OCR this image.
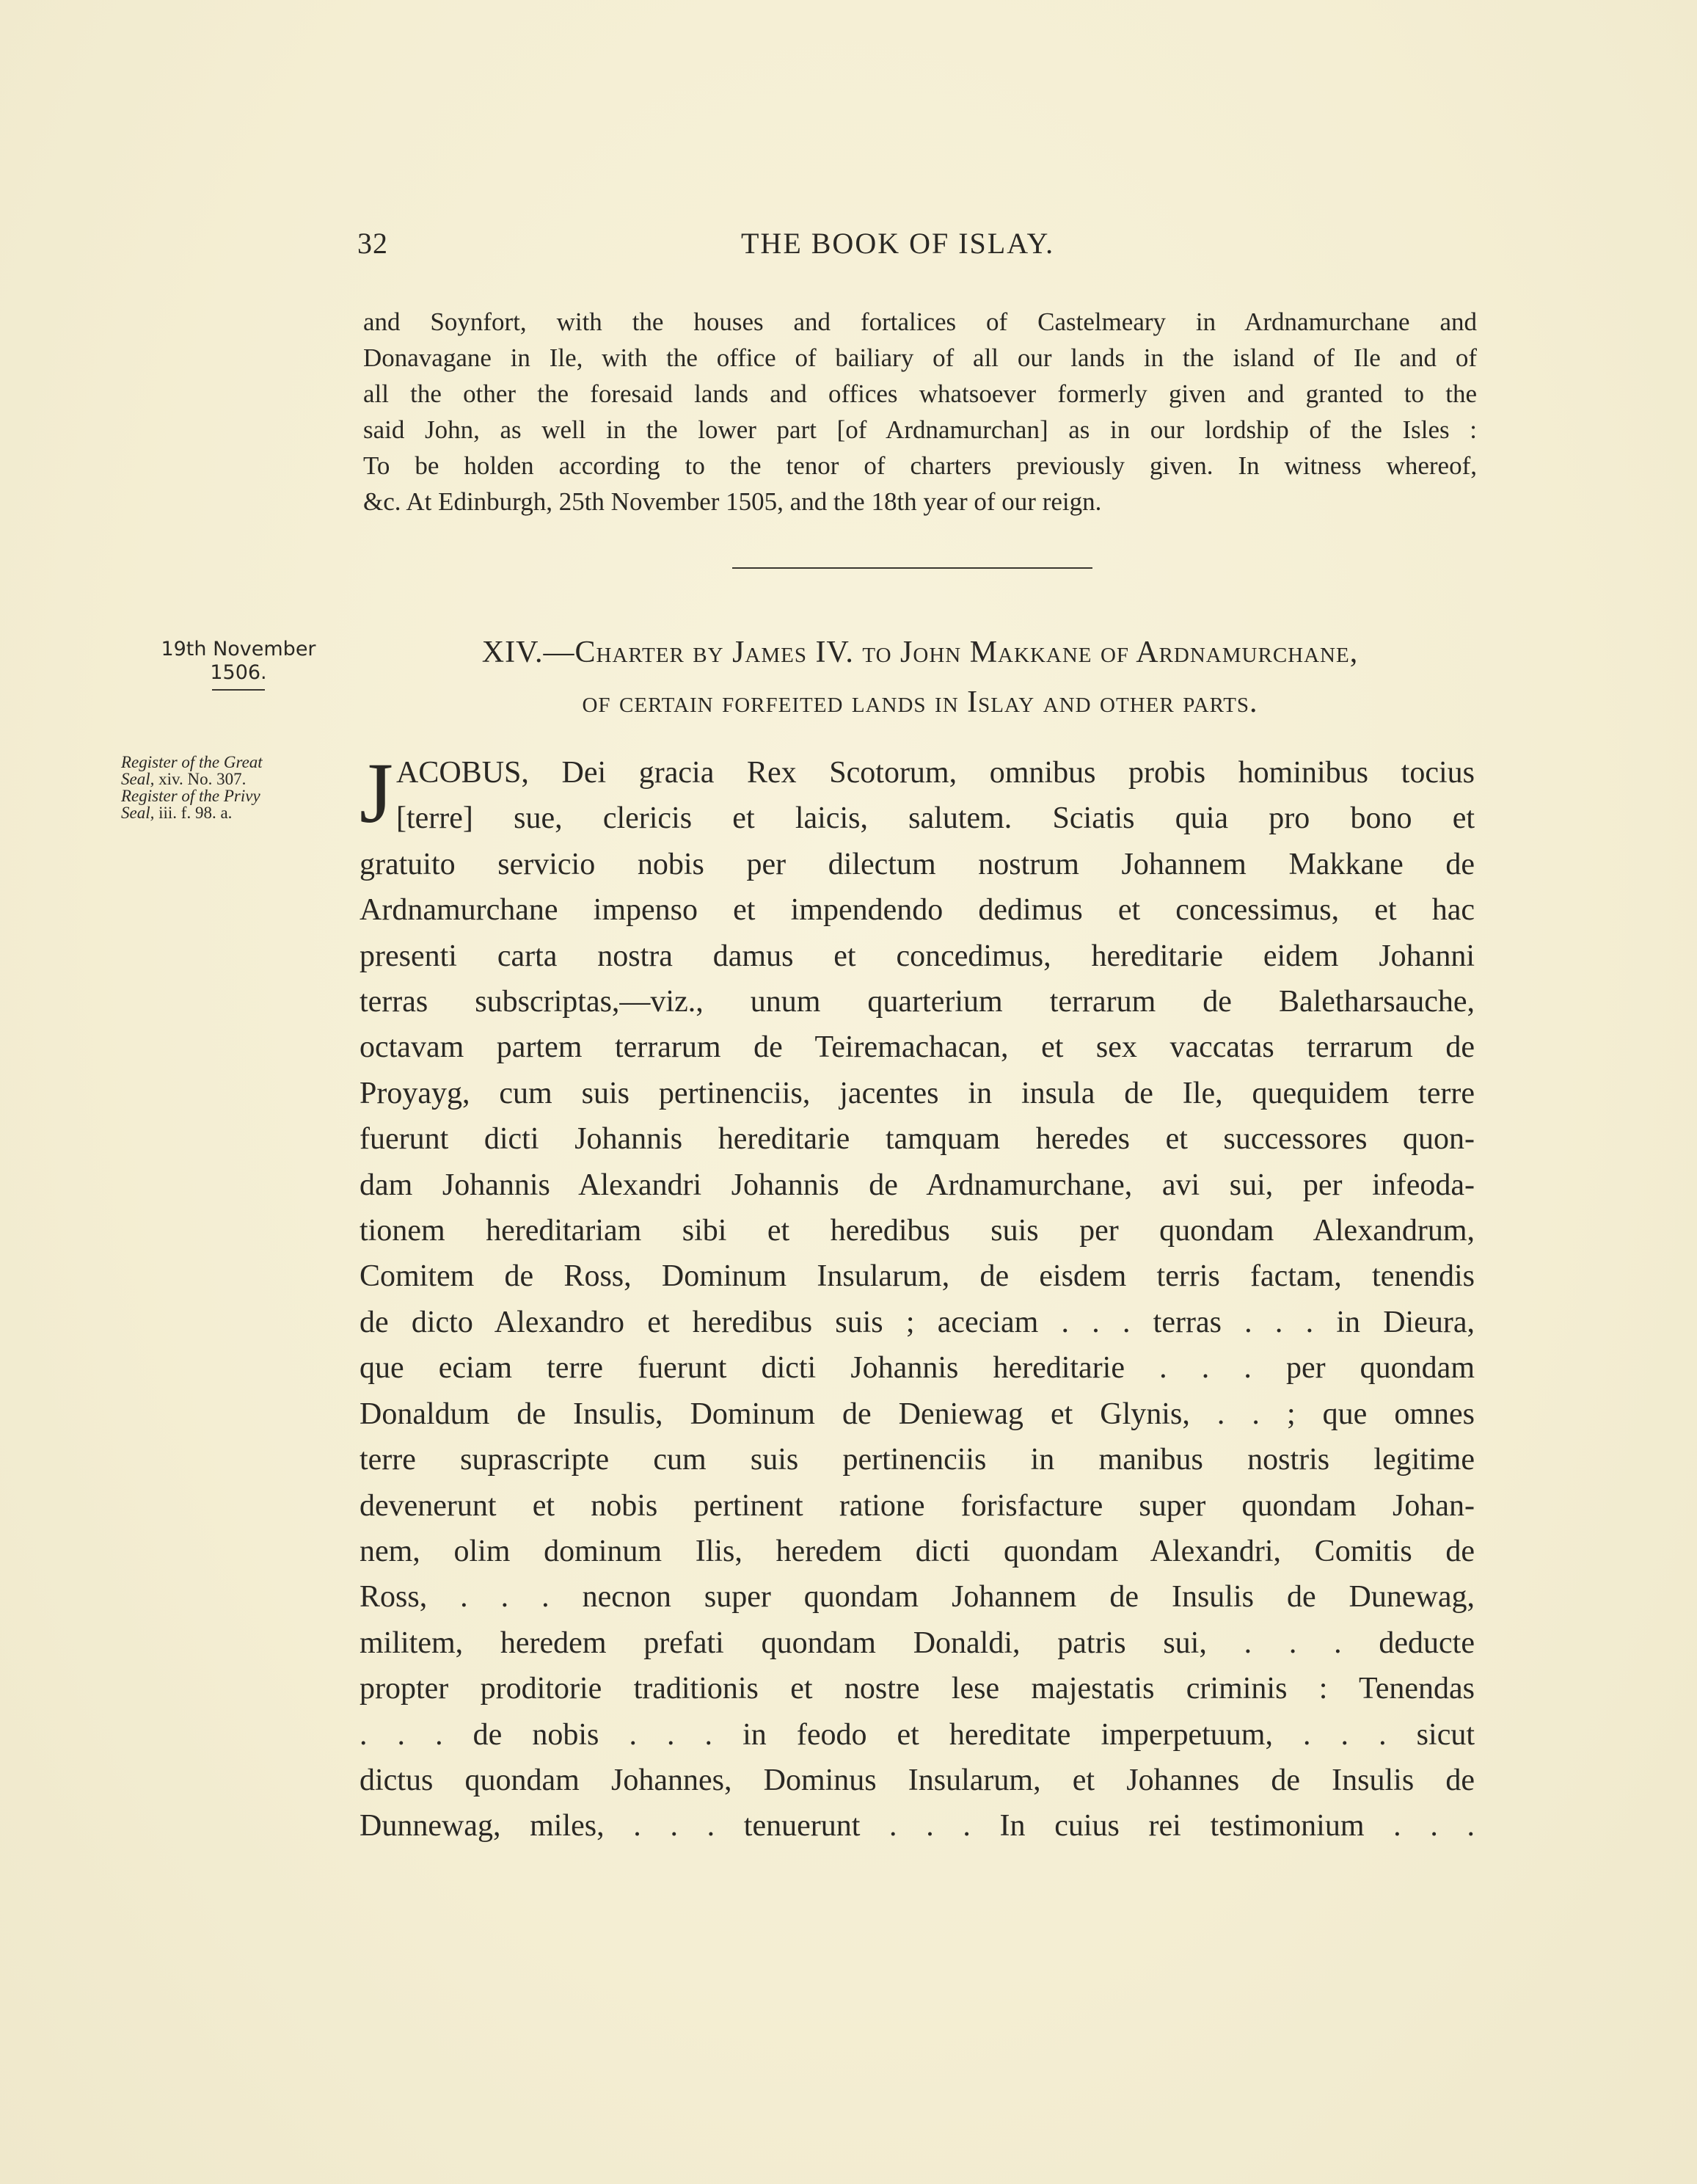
32	THE BOOK OF ISLAY.
and Soynfort, with the houses and fortalices of Castelmeary in Ardnamurchane and
Donavagane in Ile, with the office of bailiary of all our lands in the island of Ile and of
all the other the foresaid lands and offices whatsoever formerly given and granted to the
said John, as well in the lower part [of Ardnamurchan] as in our lordship of the Isles :
To be holden according to the tenor of charters previously given. In witness whereof,
&c. At Edinburgh, 25th November 1505, and the 18th year of our reign.
19th November
1506.
Register of the Great
Seal, xiv. No. 307.
Register of the Privy
Seal, iii. f. 98. a.
XIV.—Charter by James IV. to John Makkane of Ardnamurchane,
of certain forfeited lands in Islay and other parts.
J ACOBUS, Dei gracia Rex Scotorum, omnibus probis hominibus tocius
[terre] sue, clericis et laicis, salutem. Sciatis quia pro bono et
gratuito servicio nobis per dilectum nostrum Johannem Makkane de
Ardnamurchane impenso et impendendo dedimus et concessimus, et hac
presenti carta nostra damus et concedimus, hereditarie eidem Johanni
terras subscriptas,—viz., unum quarterium terrarum de Baletharsauche,
octavam partem terrarum de Teiremachacan, et sex vaccatas terrarum de
Proyayg, cum suis pertinenciis, jacentes in insula de Ile, quequidem terre
fuerunt dicti Johannis hereditarie tamquam heredes et successores quon-
dam Johannis Alexandri Johannis de Ardnamurchane, avi sui, per infeoda-
tionem hereditariam sibi et heredibus suis per quondam Alexandrum,
Comitem de Ross, Dominum Insularum, de eisdem terris factam, tenendis
de dicto Alexandro et heredibus suis ; aceciam . . . terras . . . in Dieura,
que eciam terre fuerunt dicti Johannis hereditarie . . . per quondam
Donaldum de Insulis, Dominum de Deniewag et Glynis, . . ; que omnes
terre suprascripte cum suis pertinenciis in manibus nostris legitime
devenerunt et nobis pertinent ratione forisfacture super quondam Johan-
nem, olim dominum Ilis, heredem dicti quondam Alexandri, Comitis de
Ross, . . . necnon super quondam Johannem de Insulis de Dunewag,
militem, heredem prefati quondam Donaldi, patris sui, . . . deducte
propter proditorie traditionis et nostre lese majestatis criminis : Tenendas
. . . de nobis . . . in feodo et hereditate imperpetuum, . . . sicut
dictus quondam Johannes, Dominus Insularum, et Johannes de Insulis de
Dunnewag, miles, . . . tenuerunt . . . In cuius rei testimonium . . .
